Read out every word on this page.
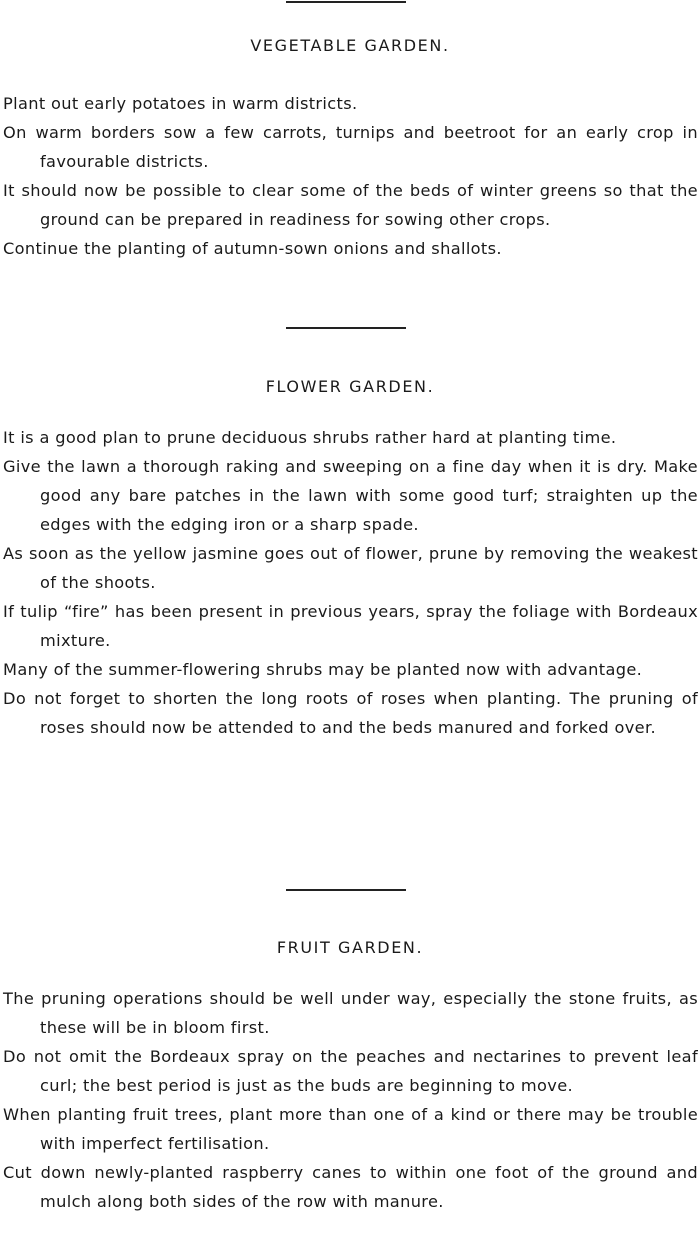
VEGETABLE GARDEN.

Plant out early potatoes in warm districts.

On warm borders sow a few carrots, turnips and beetroot for an early crop in favourable districts.

It should now be possible to clear some of the beds of winter greens so that the ground can be prepared in readiness for sowing other crops.

Continue the planting of autumn-sown onions and shallots.

FLOWER GARDEN.

It is a good plan to prune deciduous shrubs rather hard at planting time.

Give the lawn a thorough raking and sweeping on a fine day when it is dry. Make good any bare patches in the lawn with some good turf; straighten up the edges with the edging iron or a sharp spade.

As soon as the yellow jasmine goes out of flower, prune by removing the weakest of the shoots.

If tulip “fire” has been present in previous years, spray the foliage with Bordeaux mixture.

Many of the summer-flowering shrubs may be planted now with advantage.

Do not forget to shorten the long roots of roses when planting. The pruning of roses should now be attended to and the beds manured and forked over.

FRUIT GARDEN.

The pruning operations should be well under way, especially the stone fruits, as these will be in bloom first.

Do not omit the Bordeaux spray on the peaches and nectarines to prevent leaf curl; the best period is just as the buds are beginning to move.

When planting fruit trees, plant more than one of a kind or there may be trouble with imperfect fertilisation.

Cut down newly-planted raspberry canes to within one foot of the ground and mulch along both sides of the row with manure.
